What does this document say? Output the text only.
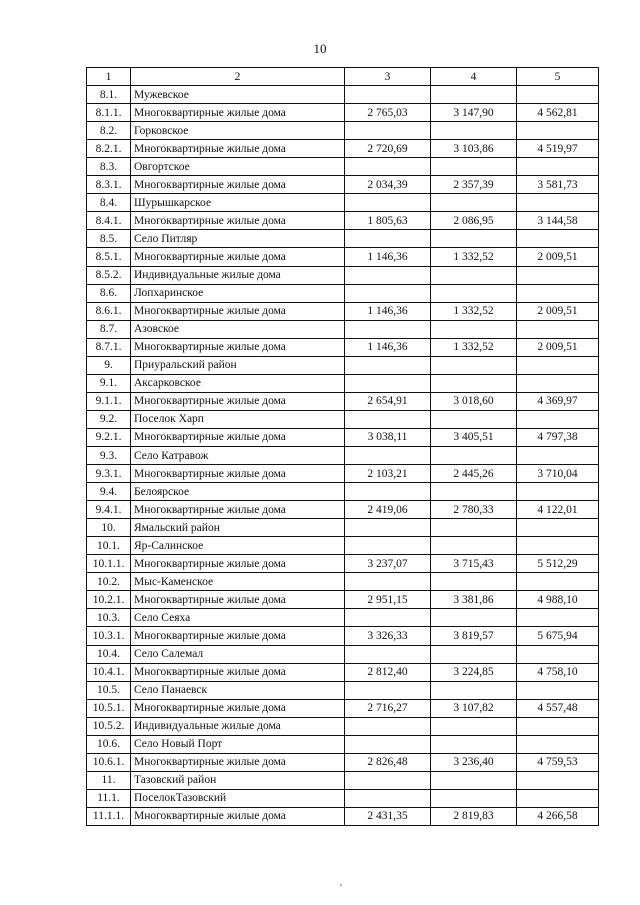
10
1	2	3	4	5
8.1.	Мужевское			
8.1.1.	Многоквартирные жилые дома	2 765,03	3 147,90	4 562,81
8.2.	Горковское			
8.2.1.	Многоквартирные жилые дома	2 720,69	3 103,86	4 519,97
8.3.	Овгортское			
8.3.1.	Многоквартирные жилые дома	2 034,39	2 357,39	3 581,73
8.4.	Шурышкарское			
8.4.1.	Многоквартирные жилые дома	1 805,63	2 086,95	3 144,58
8.5.	Село Питляр			
8.5.1.	Многоквартирные жилые дома	1 146,36	1 332,52	2 009,51
8.5.2.	Индивидуальные жилые дома			
8.6.	Лопхаринское			
8.6.1.	Многоквартирные жилые дома	1 146,36	1 332,52	2 009,51
8.7.	Азовское			
8.7.1.	Многоквартирные жилые дома	1 146,36	1 332,52	2 009,51
9.	Приуральский район			
9.1.	Аксарковское			
9.1.1.	Многоквартирные жилые дома	2 654,91	3 018,60	4 369,97
9.2.	Поселок Харп			
9.2.1.	Многоквартирные жилые дома	3 038,11	3 405,51	4 797,38
9.3.	Село Катравож			
9.3.1.	Многоквартирные жилые дома	2 103,21	2 445,26	3 710,04
9.4.	Белоярское			
9.4.1.	Многоквартирные жилые дома	2 419,06	2 780,33	4 122,01
10.	Ямальский район			
10.1.	Яр-Салинское			
10.1.1.	Многоквартирные жилые дома	3 237,07	3 715,43	5 512,29
10.2.	Мыс-Каменское			
10.2.1.	Многоквартирные жилые дома	2 951,15	3 381,86	4 988,10
10.3.	Село Сеяха			
10.3.1.	Многоквартирные жилые дома	3 326,33	3 819,57	5 675,94
10.4.	Село Салемал			
10.4.1.	Многоквартирные жилые дома	2 812,40	3 224,85	4 758,10
10.5.	Село Панаевск			
10.5.1.	Многоквартирные жилые дома	2 716,27	3 107,82	4 557,48
10.5.2.	Индивидуальные жилые дома			
10.6.	Село Новый Порт			
10.6.1.	Многоквартирные жилые дома	2 826,48	3 236,40	4 759,53
11.	Тазовский район			
11.1.	ПоселокТазовский			
11.1.1.	Многоквартирные жилые дома	2 431,35	2 819,83	4 266,58
